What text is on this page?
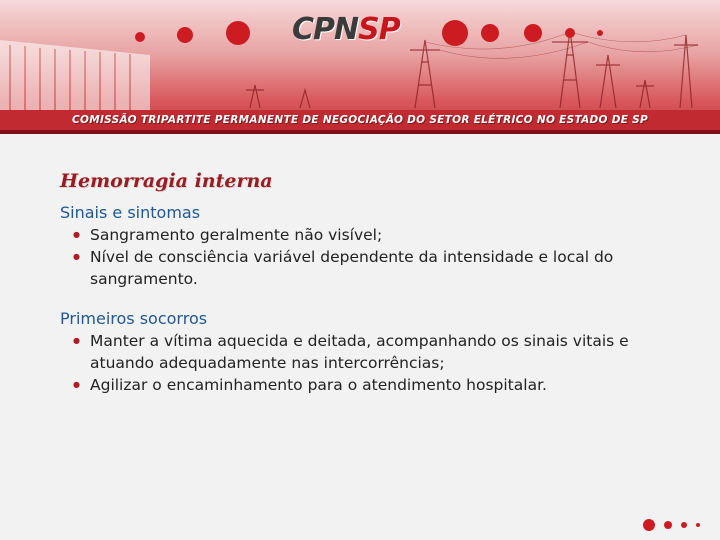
CPNSP
COMISSÃO TRIPARTITE PERMANENTE DE NEGOCIAÇÃO DO SETOR ELÉTRICO NO ESTADO DE SP
Hemorragia interna

Sinais e sintomas

● Sangramento geralmente não visível;
● Nível de consciência variável dependente da intensidade e local do sangramento.

Primeiros socorros

● Manter a vítima aquecida e deitada, acompanhando os sinais vitais e atuando adequadamente nas intercorrências;
● Agilizar o encaminhamento para o atendimento hospitalar.
